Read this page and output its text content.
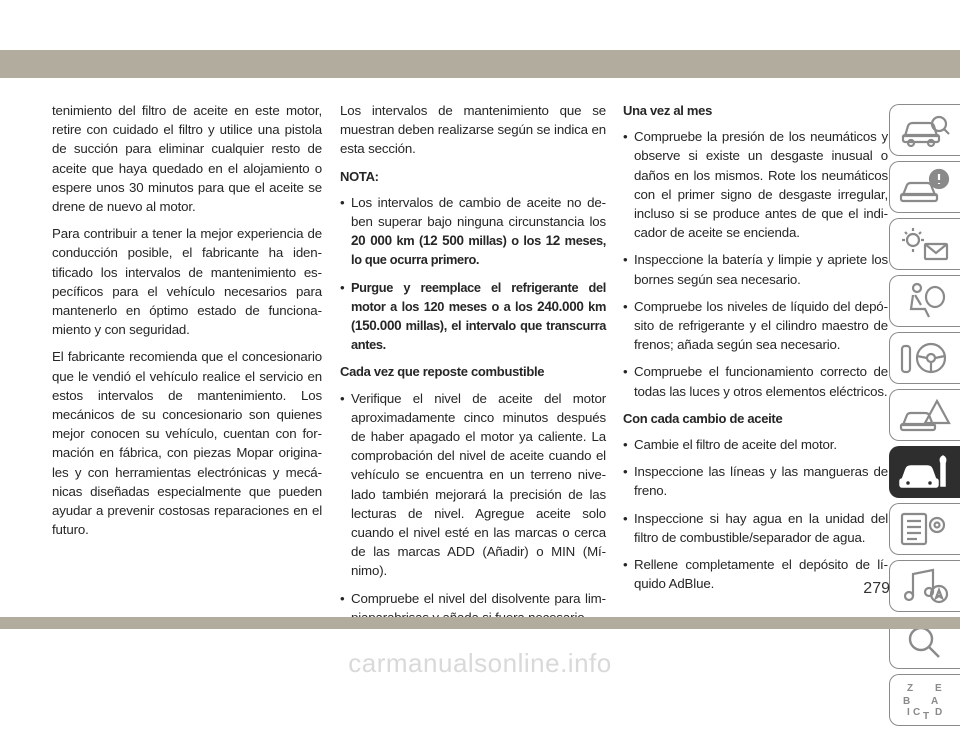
tenimiento del filtro de aceite en este motor, retire con cuidado el filtro y utilice una pistola de succión para eliminar cualquier resto de aceite que haya quedado en el alojamiento o espere unos 30 minutos para que el aceite se drene de nuevo al motor.

Para contribuir a tener la mejor experiencia de conducción posible, el fabricante ha identificado los intervalos de mantenimiento específicos para el vehículo necesarios para mantenerlo en óptimo estado de funcionamiento y con seguridad.

El fabricante recomienda que el concesionario que le vendió el vehículo realice el servicio en estos intervalos de mantenimiento. Los mecánicos de su concesionario son quienes mejor conocen su vehículo, cuentan con formación en fábrica, con piezas Mopar originales y con herramientas electrónicas y mecánicas diseñadas especialmente que pueden ayudar a prevenir costosas reparaciones en el futuro.

Los intervalos de mantenimiento que se muestran deben realizarse según se indica en esta sección.

NOTA:
• Los intervalos de cambio de aceite no deben superar bajo ninguna circunstancia los 20 000 km (12 500 millas) o los 12 meses, lo que ocurra primero.
• Purgue y reemplace el refrigerante del motor a los 120 meses o a los 240.000 km (150.000 millas), el intervalo que transcurra antes.
Cada vez que reposte combustible
• Verifique el nivel de aceite del motor aproximadamente cinco minutos después de haber apagado el motor ya caliente. La comprobación del nivel de aceite cuando el vehículo se encuentra en un terreno nivelado también mejorará la precisión de las lecturas de nivel. Agregue aceite solo cuando el nivel esté en las marcas o cerca de las marcas ADD (Añadir) o MIN (Mínimo).
• Compruebe el nivel del disolvente para lim
Una vez al mes
• Compruebe la presión de los neumáticos y observe si existe un desgaste inusual o daños en los mismos. Rote los neumáticos con el primer signo de desgaste irregular, incluso si se produce antes de que el indicador de aceite se encienda.
• Inspeccione la batería y limpie y apriete los bornes según sea necesario.
• Compruebe los niveles de líquido del depósito de refrigerante y el cilindro maestro de frenos; añada según sea necesario.
• Compruebe el funcionamiento correcto de todas las luces y otros elementos eléctricos.
Con cada cambio de aceite
• Cambie el filtro de aceite del motor.
• Inspeccione las líneas y las mangueras de freno.
• Inspeccione si hay agua en la unidad del filtro de combustible/separador de agua.
• Rellene completamente el depósito de líquido AdBlue.
Z E
B A
C D
I T
279
carmanualsonline.info
